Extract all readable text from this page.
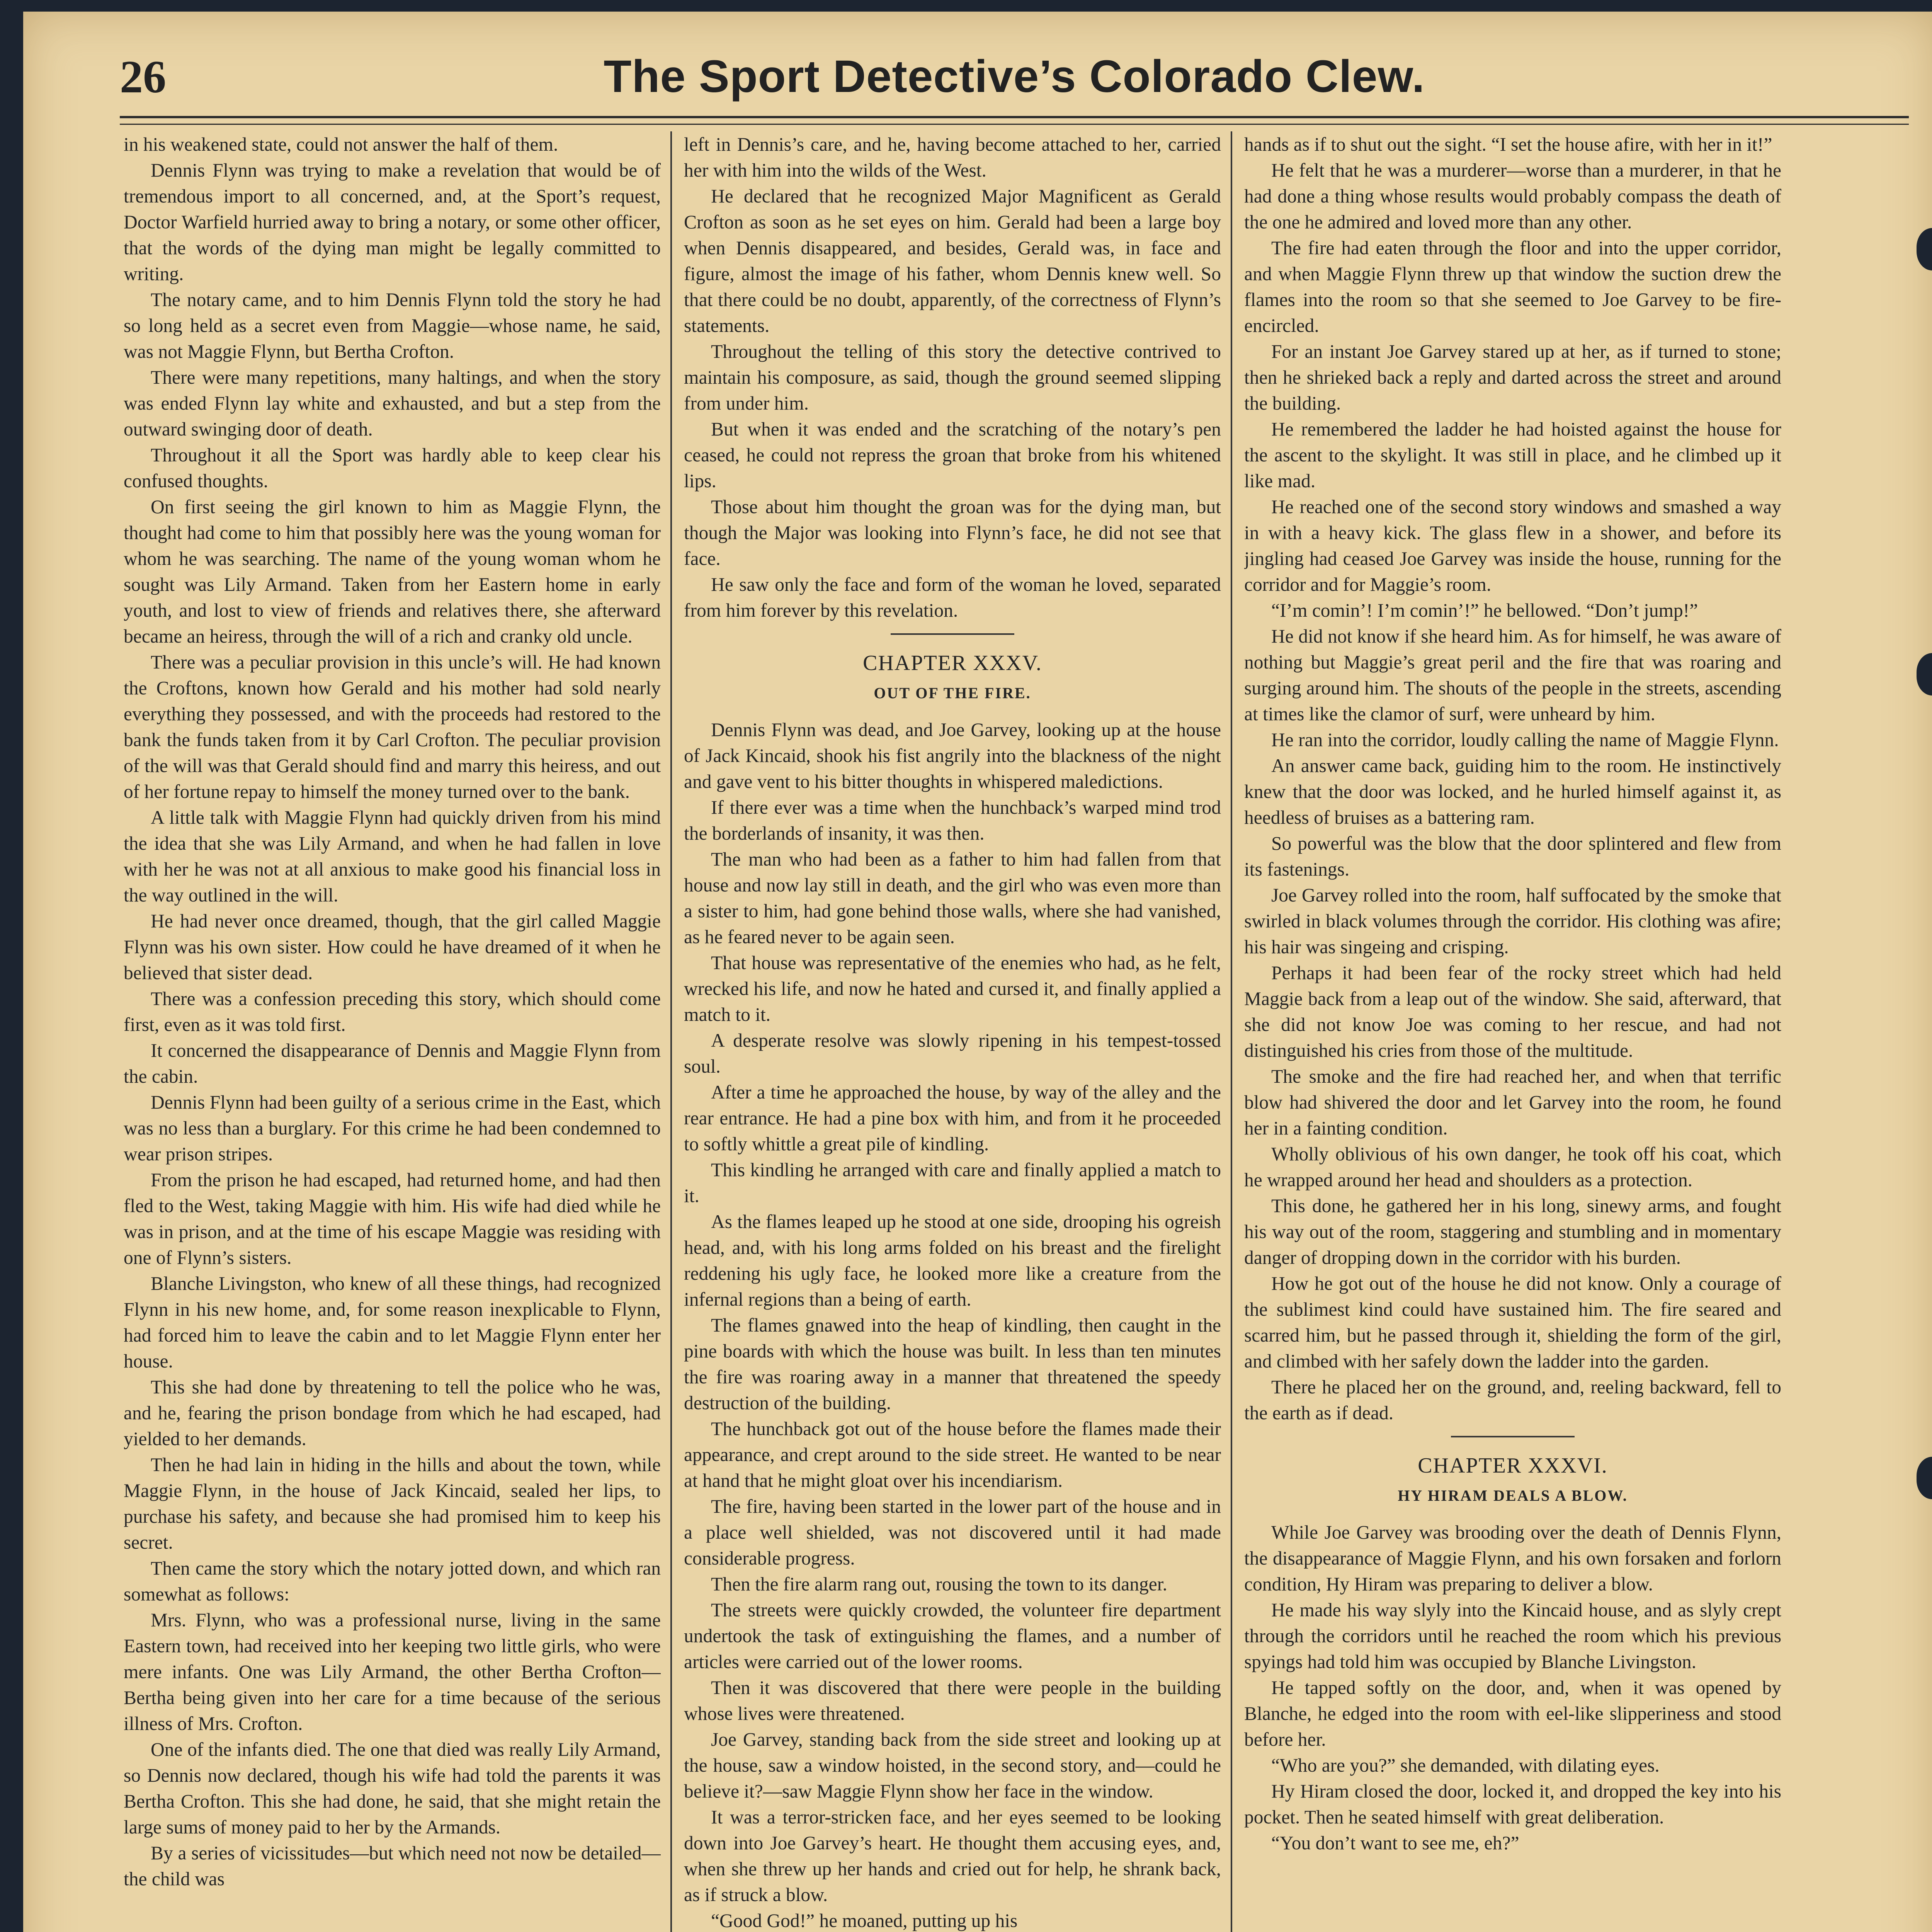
26	The Sport Detective’s Colorado Clew.

in his weakened state, could not answer the half of them.

Dennis Flynn was trying to make a revelation that would be of tremendous import to all concerned, and, at the Sport’s request, Doctor Warfield hurried away to bring a notary, or some other officer, that the words of the dying man might be legally committed to writing.

The notary came, and to him Dennis Flynn told the story he had so long held as a secret even from Maggie—whose name, he said, was not Maggie Flynn, but Bertha Crofton.

There were many repetitions, many haltings, and when the story was ended Flynn lay white and exhausted, and but a step from the outward swinging door of death.

Throughout it all the Sport was hardly able to keep clear his confused thoughts.

On first seeing the girl known to him as Maggie Flynn, the thought had come to him that possibly here was the young woman for whom he was searching. The name of the young woman whom he sought was Lily Armand. Taken from her Eastern home in early youth, and lost to view of friends and relatives there, she afterward became an heiress, through the will of a rich and cranky old uncle.

There was a peculiar provision in this uncle’s will. He had known the Croftons, known how Gerald and his mother had sold nearly everything they possessed, and with the proceeds had restored to the bank the funds taken from it by Carl Crofton. The peculiar provision of the will was that Gerald should find and marry this heiress, and out of her fortune repay to himself the money turned over to the bank.

A little talk with Maggie Flynn had quickly driven from his mind the idea that she was Lily Armand, and when he had fallen in love with her he was not at all anxious to make good his financial loss in the way outlined in the will.

He had never once dreamed, though, that the girl called Maggie Flynn was his own sister. How could he have dreamed of it when he believed that sister dead.

There was a confession preceding this story, which should come first, even as it was told first.

It concerned the disappearance of Dennis and Maggie Flynn from the cabin.

Dennis Flynn had been guilty of a serious crime in the East, which was no less than a burglary. For this crime he had been condemned to wear prison stripes.

From the prison he had escaped, had returned home, and had then fled to the West, taking Maggie with him. His wife had died while he was in prison, and at the time of his escape Maggie was residing with one of Flynn’s sisters.

Blanche Livingston, who knew of all these things, had recognized Flynn in his new home, and, for some reason inexplicable to Flynn, had forced him to leave the cabin and to let Maggie Flynn enter her house.

This she had done by threatening to tell the police who he was, and he, fearing the prison bondage from which he had escaped, had yielded to her demands.

Then he had lain in hiding in the hills and about the town, while Maggie Flynn, in the house of Jack Kincaid, sealed her lips, to purchase his safety, and because she had promised him to keep his secret.

Then came the story which the notary jotted down, and which ran somewhat as follows:

Mrs. Flynn, who was a professional nurse, living in the same Eastern town, had received into her keeping two little girls, who were mere infants. One was Lily Armand, the other Bertha Crofton—Bertha being given into her care for a time because of the serious illness of Mrs. Crofton.

One of the infants died. The one that died was really Lily Armand, so Dennis now declared, though his wife had told the parents it was Bertha Crofton. This she had done, he said, that she might retain the large sums of money paid to her by the Armands.

By a series of vicissitudes—but which need not now be detailed—the child was

left in Dennis’s care, and he, having become attached to her, carried her with him into the wilds of the West.

He declared that he recognized Major Magnificent as Gerald Crofton as soon as he set eyes on him. Gerald had been a large boy when Dennis disappeared, and besides, Gerald was, in face and figure, almost the image of his father, whom Dennis knew well. So that there could be no doubt, apparently, of the correctness of Flynn’s statements.

Throughout the telling of this story the detective contrived to maintain his composure, as said, though the ground seemed slipping from under him.

But when it was ended and the scratching of the notary’s pen ceased, he could not repress the groan that broke from his whitened lips.

Those about him thought the groan was for the dying man, but though the Major was looking into Flynn’s face, he did not see that face.

He saw only the face and form of the woman he loved, separated from him forever by this revelation.

CHAPTER XXXV.
OUT OF THE FIRE.

Dennis Flynn was dead, and Joe Garvey, looking up at the house of Jack Kincaid, shook his fist angrily into the blackness of the night and gave vent to his bitter thoughts in whispered maledictions.

If there ever was a time when the hunchback’s warped mind trod the borderlands of insanity, it was then.

The man who had been as a father to him had fallen from that house and now lay still in death, and the girl who was even more than a sister to him, had gone behind those walls, where she had vanished, as he feared never to be again seen.

That house was representative of the enemies who had, as he felt, wrecked his life, and now he hated and cursed it, and finally applied a match to it.

A desperate resolve was slowly ripening in his tempest-tossed soul.

After a time he approached the house, by way of the alley and the rear entrance. He had a pine box with him, and from it he proceeded to softly whittle a great pile of kindling.

This kindling he arranged with care and finally applied a match to it.

As the flames leaped up he stood at one side, drooping his ogreish head, and, with his long arms folded on his breast and the firelight reddening his ugly face, he looked more like a creature from the infernal regions than a being of earth.

The flames gnawed into the heap of kindling, then caught in the pine boards with which the house was built. In less than ten minutes the fire was roaring away in a manner that threatened the speedy destruction of the building.

The hunchback got out of the house before the flames made their appearance, and crept around to the side street. He wanted to be near at hand that he might gloat over his incendiarism.

The fire, having been started in the lower part of the house and in a place well shielded, was not discovered until it had made considerable progress.

Then the fire alarm rang out, rousing the town to its danger.

The streets were quickly crowded, the volunteer fire department undertook the task of extinguishing the flames, and a number of articles were carried out of the lower rooms.

Then it was discovered that there were people in the building whose lives were threatened.

Joe Garvey, standing back from the side street and looking up at the house, saw a window hoisted, in the second story, and—could he believe it?—saw Maggie Flynn show her face in the window.

It was a terror-stricken face, and her eyes seemed to be looking down into Joe Garvey’s heart. He thought them accusing eyes, and, when she threw up her hands and cried out for help, he shrank back, as if struck a blow.

“Good God!” he moaned, putting up his

hands as if to shut out the sight. “I set the house afire, with her in it!”

He felt that he was a murderer—worse than a murderer, in that he had done a thing whose results would probably compass the death of the one he admired and loved more than any other.

The fire had eaten through the floor and into the upper corridor, and when Maggie Flynn threw up that window the suction drew the flames into the room so that she seemed to Joe Garvey to be fire-encircled.

For an instant Joe Garvey stared up at her, as if turned to stone; then he shrieked back a reply and darted across the street and around the building.

He remembered the ladder he had hoisted against the house for the ascent to the skylight. It was still in place, and he climbed up it like mad.

He reached one of the second story windows and smashed a way in with a heavy kick. The glass flew in a shower, and before its jingling had ceased Joe Garvey was inside the house, running for the corridor and for Maggie’s room.

“I’m comin’! I’m comin’!” he bellowed. “Don’t jump!”

He did not know if she heard him. As for himself, he was aware of nothing but Maggie’s great peril and the fire that was roaring and surging around him. The shouts of the people in the streets, ascending at times like the clamor of surf, were unheard by him.

He ran into the corridor, loudly calling the name of Maggie Flynn.

An answer came back, guiding him to the room. He instinctively knew that the door was locked, and he hurled himself against it, as heedless of bruises as a battering ram.

So powerful was the blow that the door splintered and flew from its fastenings.

Joe Garvey rolled into the room, half suffocated by the smoke that swirled in black volumes through the corridor. His clothing was afire; his hair was singeing and crisping.

Perhaps it had been fear of the rocky street which had held Maggie back from a leap out of the window. She said, afterward, that she did not know Joe was coming to her rescue, and had not distinguished his cries from those of the multitude.

The smoke and the fire had reached her, and when that terrific blow had shivered the door and let Garvey into the room, he found her in a fainting condition.

Wholly oblivious of his own danger, he took off his coat, which he wrapped around her head and shoulders as a protection.

This done, he gathered her in his long, sinewy arms, and fought his way out of the room, staggering and stumbling and in momentary danger of dropping down in the corridor with his burden.

How he got out of the house he did not know. Only a courage of the sublimest kind could have sustained him. The fire seared and scarred him, but he passed through it, shielding the form of the girl, and climbed with her safely down the ladder into the garden.

There he placed her on the ground, and, reeling backward, fell to the earth as if dead.

CHAPTER XXXVI.
HY HIRAM DEALS A BLOW.

While Joe Garvey was brooding over the death of Dennis Flynn, the disappearance of Maggie Flynn, and his own forsaken and forlorn condition, Hy Hiram was preparing to deliver a blow.

He made his way slyly into the Kincaid house, and as slyly crept through the corridors until he reached the room which his previous spyings had told him was occupied by Blanche Livingston.

He tapped softly on the door, and, when it was opened by Blanche, he edged into the room with eel-like slipperiness and stood before her.

“Who are you?” she demanded, with dilating eyes.

Hy Hiram closed the door, locked it, and dropped the key into his pocket. Then he seated himself with great deliberation.

“You don’t want to see me, eh?”
